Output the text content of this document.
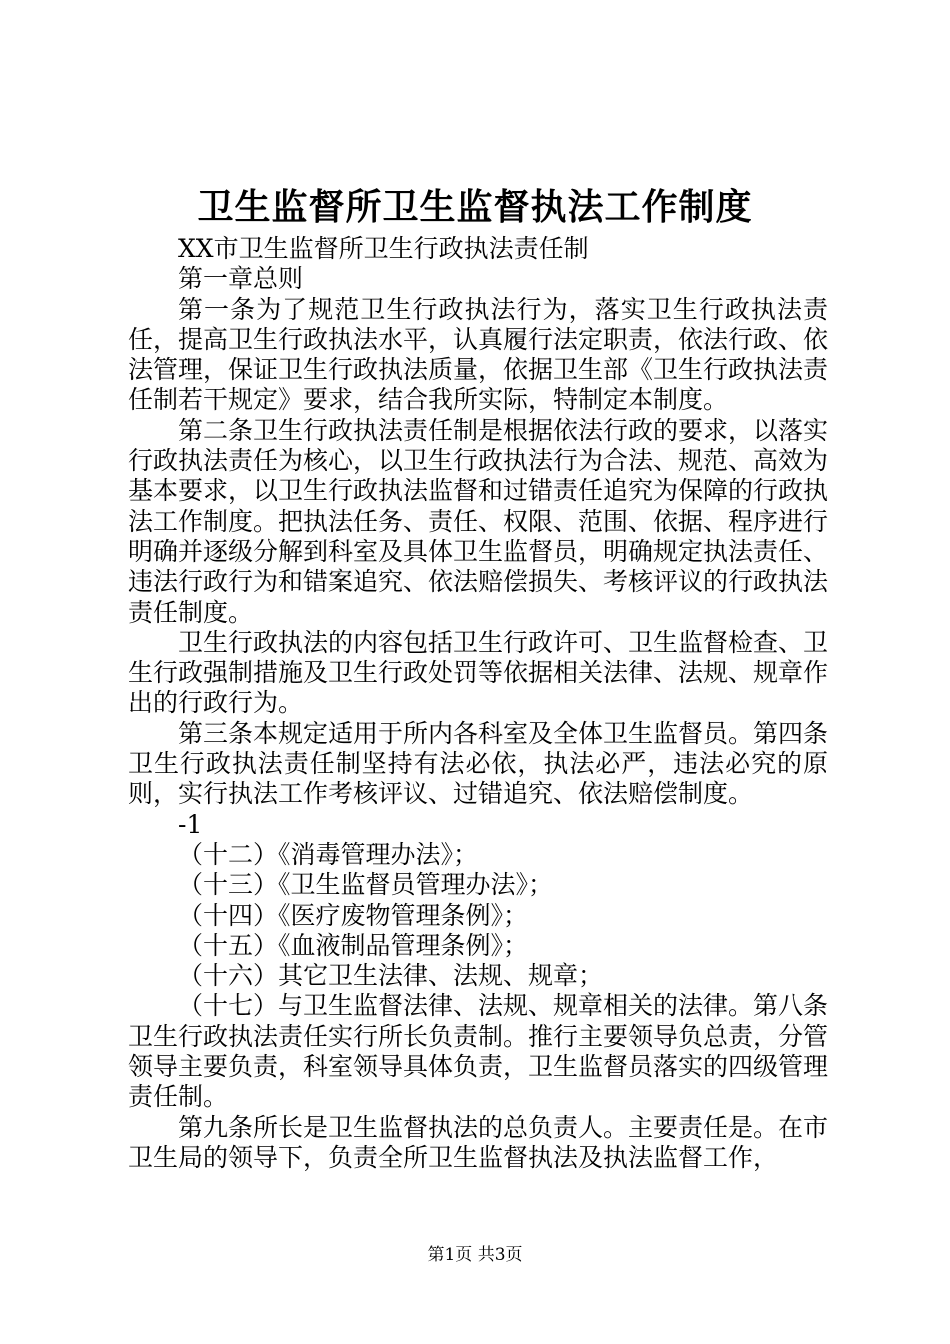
卫生监督所卫生监督执法工作制度

XX市卫生监督所卫生行政执法责任制

第一章总则

第一条为了规范卫生行政执法行为，落实卫生行政执法责任，提高卫生行政执法水平，认真履行法定职责，依法行政、依法管理，保证卫生行政执法质量，依据卫生部《卫生行政执法责任制若干规定》要求，结合我所实际，特制定本制度。

第二条卫生行政执法责任制是根据依法行政的要求，以落实行政执法责任为核心，以卫生行政执法行为合法、规范、高效为基本要求，以卫生行政执法监督和过错责任追究为保障的行政执法工作制度。把执法任务、责任、权限、范围、依据、程序进行明确并逐级分解到科室及具体卫生监督员，明确规定执法责任、违法行政行为和错案追究、依法赔偿损失、考核评议的行政执法责任制度。

卫生行政执法的内容包括卫生行政许可、卫生监督检查、卫生行政强制措施及卫生行政处罚等依据相关法律、法规、规章作出的行政行为。

第三条本规定适用于所内各科室及全体卫生监督员。第四条卫生行政执法责任制坚持有法必依，执法必严，违法必究的原则，实行执法工作考核评议、过错追究、依法赔偿制度。

-1

（十二）《消毒管理办法》；

（十三）《卫生监督员管理办法》；

（十四）《医疗废物管理条例》；

（十五）《血液制品管理条例》；

（十六）其它卫生法律、法规、规章；

（十七）与卫生监督法律、法规、规章相关的法律。第八条卫生行政执法责任实行所长负责制。推行主要领导负总责，分管领导主要负责，科室领导具体负责，卫生监督员落实的四级管理责任制。

第九条所长是卫生监督执法的总负责人。主要责任是。在市卫生局的领导下，负责全所卫生监督执法及执法监督工作，

第1页 共3页
